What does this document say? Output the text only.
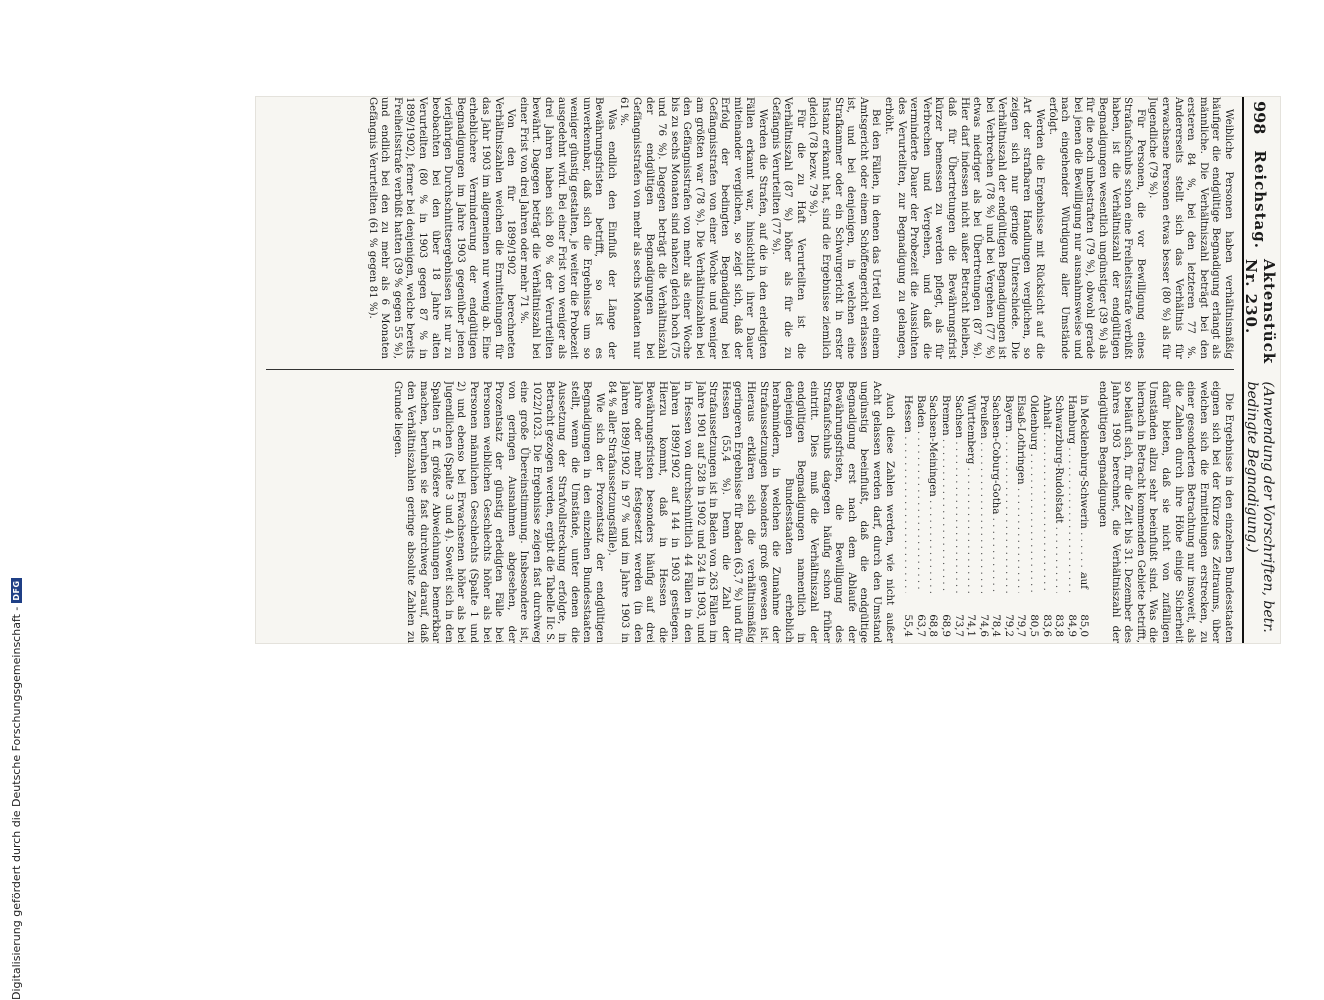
998
Reichstag.
Aktenstück Nr. 230.
(Anwendung der Vorschriften, betr. bedingte Begnadigung.)

Weibliche Personen haben verhältnismäßig häufiger die endgültige Begnadigung erlangt als männliche. Die Verhältniszahl beträgt bei den ersteren 84 %, bei den letzteren 77 %. Andererseits stellt sich das Verhältnis für erwachsene Personen etwas besser (80 %) als für Jugendliche (79 %).

Für Personen, die vor Bewilligung eines Strafaufschubs schon eine Freiheitsstrafe verbüßt haben, ist die Verhältniszahl der endgültigen Begnadigungen wesentlich ungünstiger (39 %) als für die noch unbestraften (79 %), obwohl gerade bei jenen die Bewilligung nur ausnahmsweise und nach eingehender Würdigung aller Umstände erfolgt.

Werden die Ergebnisse mit Rücksicht auf die Art der strafbaren Handlungen verglichen, so zeigen sich nur geringe Unterschiede. Die Verhältniszahl der endgültigen Begnadigungen ist bei Verbrechen (78 %) und bei Vergehen (77 %) etwas niedriger als bei Übertretungen (87 %). Hier darf indessen nicht außer Betracht bleiben, daß für Übertretungen die Bewährungsfrist kürzer bemessen zu werden pflegt, als für Verbrechen und Vergehen, und daß die verminderte Dauer der Probezeit die Aussichten des Verurteilten, zur Begnadigung zu gelangen, erhöht.

Bei den Fällen, in denen das Urteil von einem Amtsgericht oder einem Schöffengericht erlassen ist, und bei denjenigen, in welchen eine Strafkammer oder ein Schwurgericht in erster Instanz erkannt hat, sind die Ergebnisse ziemlich gleich (78 bezw. 79 %).

Für die zu Haft Verurteilten ist die Verhältniszahl (87 %) höher als für die zu Gefängnis Verurteilten (77 %).

Werden die Strafen, auf die in den erledigten Fällen erkannt war, hinsichtlich ihrer Dauer miteinander verglichen, so zeigt sich, daß der Erfolg der bedingten Begnadigung bei Gefängnisstrafen von einer Woche und weniger am größten war (78 %). Die Verhältniszahlen bei den Gefängnisstrafen von mehr als einer Woche bis zu sechs Monaten sind nahezu gleich hoch (75 und 76 %). Dagegen beträgt die Verhältniszahl der endgültigen Begnadigungen bei Gefängnisstrafen von mehr als sechs Monaten nur 61 %.

Was endlich den Einfluß der Länge der Bewährungsfristen betrifft, so ist es unverkennbar, daß sich die Ergebnisse um so weniger günstig gestalten, je weiter die Probezeit ausgedehnt wird. Bei einer Frist von weniger als drei Jahren haben sich 80 % der Verurteilten bewährt. Dagegen beträgt die Verhältniszahl bei einer Frist von drei Jahren oder mehr 71 %.

Von den für 1899/1902 berechneten Verhältniszahlen weichen die Ermittelungen für das Jahr 1903 im allgemeinen nur wenig ab. Eine erheblichere Verminderung der endgültigen Begnadigungen im Jahre 1903 gegenüber jenen vierjährigen Durchschnittsergebnissen ist nur zu beobachten bei den über 18 Jahre alten Verurteilten (80 % in 1903 gegen 87 % in 1899/1902), ferner bei denjenigen, welche bereits Freiheitsstrafe verbüßt hatten (39 % gegen 55 %), und endlich bei den zu mehr als 6 Monaten Gefängnis Verurteilten (61 % gegen 81 %).

Die Ergebnisse in den einzelnen Bundesstaaten eignen sich bei der Kürze des Zeitraums, über welchen sich die Ermittelungen erstrecken, zu einer gesonderten Betrachtung nur insoweit, als die Zahlen durch ihre Höhe einige Sicherheit dafür bieten, daß sie nicht von zufälligen Umständen allzu sehr beeinflußt sind. Was die hiernach in Betracht kommenden Gebiete betrifft, so beläuft sich, für die Zeit bis 31. Dezember des Jahres 1903 berechnet, die Verhältniszahl der endgültigen Begnadigungen

in Mecklenburg-Schwerin . . .
auf
85,0
Hamburg . . .
84,9
Schwarzburg-Rudolstadt . . .
83,8
Anhalt . . .
83,6
Oldenburg . . .
80,5
Elsaß-Lothringen . . .
79,7
Bayern . . .
79,2
Sachsen-Coburg-Gotha . . .
78,4
Preußen . . .
74,6
Württemberg . . .
74,1
Sachsen . . .
73,7
Bremen . . .
68,9
Sachsen-Meiningen . . .
68,8
Baden . . .
63,7
Hessen . . .
55,4

Auch diese Zahlen werden, wie nicht außer Acht gelassen werden darf, durch den Umstand ungünstig beeinflußt, daß die endgültige Begnadigung erst nach dem Ablaufe der Bewährungsfristen, die Bewilligung des Strafaufschubs dagegen häufig schon früher eintritt. Dies muß die Verhältniszahl der endgültigen Begnadigungen namentlich in denjenigen Bundesstaaten erheblich herabmindern, in welchen die Zunahme der Strafaussetzungen besonders groß gewesen ist. Hieraus erklären sich die verhältnismäßig geringeren Ergebnisse für Baden (63,7 %) und für Hessen (55,4 %). Denn die Zahl der Strafaussetzungen ist in Baden von 263 Fällen im Jahre 1901 auf 528 in 1902 und 524 in 1903, und in Hessen von durchschnittlich 44 Fällen in den Jahren 1899/1902 auf 144 in 1903 gestiegen. Hierzu kommt, daß in Hessen die Bewährungsfristen besonders häufig auf drei Jahre oder mehr festgesetzt werden (in den Jahren 1899/1902 in 97 % und im Jahre 1903 in 84 % aller Strafaussetzungsfälle).

Wie sich der Prozentsatz der endgültigen Begnadigungen in den einzelnen Bundesstaaten stellt, wenn die Umstände, unter denen die Aussetzung der Strafvollstreckung erfolgte, in Betracht gezogen werden, ergibt die Tabelle IIc S. 1022/1023. Die Ergebnisse zeigen fast durchweg eine große Übereinstimmung. Insbesondere ist, von geringen Ausnahmen abgesehen, der Prozentsatz der günstig erledigten Fälle bei Personen weiblichen Geschlechts höher als bei Personen männlichen Geschlechts (Spalte 1 und 2) und ebenso bei Erwachsenen höher als bei Jugendlichen (Spalte 3 und 4). Soweit sich in den Spalten 5 ff. größere Abweichungen bemerkbar machen, beruhen sie fast durchweg darauf, daß den Verhältniszahlen geringe absolute Zahlen zu Grunde liegen.

Digitalisierung gefördert durch die Deutsche Forschungsgemeinschaft -
DFG
